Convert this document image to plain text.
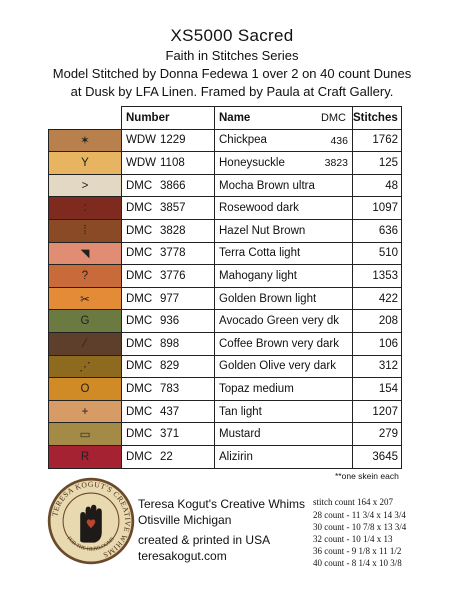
XS5000 Sacred
Faith in Stitches Series
Model Stitched by Donna Fedewa 1 over 2 on 40 count Dunes
at Dusk by LFA Linen. Framed by Paula at Craft Gallery.
	Number	Name DMC	Stitches
✶	WDW 1229	Chickpea 436	1762
Y	WDW 1108	Honeysuckle 3823	125
>	DMC 3866	Mocha Brown ultra	48
:	DMC 3857	Rosewood dark	1097
⁞	DMC 3828	Hazel Nut Brown	636
◥	DMC 3778	Terra Cotta light	510
?	DMC 3776	Mahogany light	1353
✂	DMC 977	Golden Brown light	422
G	DMC 936	Avocado Green very dk	208
⁄	DMC 898	Coffee Brown very dark	106
⋰	DMC 829	Golden Olive very dark	312
O	DMC 783	Topaz medium	154
+	DMC 437	Tan light	1207
▭	DMC 371	Mustard	279
R	DMC 22	Alizirin	3645
**one skein each
TERESA KOGUT'S CREATIVE WHIMS
FOR THE HEIRLOOMS
Teresa Kogut's Creative Whims
Otisville Michigan
created & printed in USA
teresakogut.com
stitch count 164 x 207
28 count - 11 3/4 x 14 3/4
30 count - 10 7/8 x 13 3/4
32 count - 10 1/4 x 13
36 count - 9 1/8 x 11 1/2
40 count - 8 1/4 x 10 3/8
